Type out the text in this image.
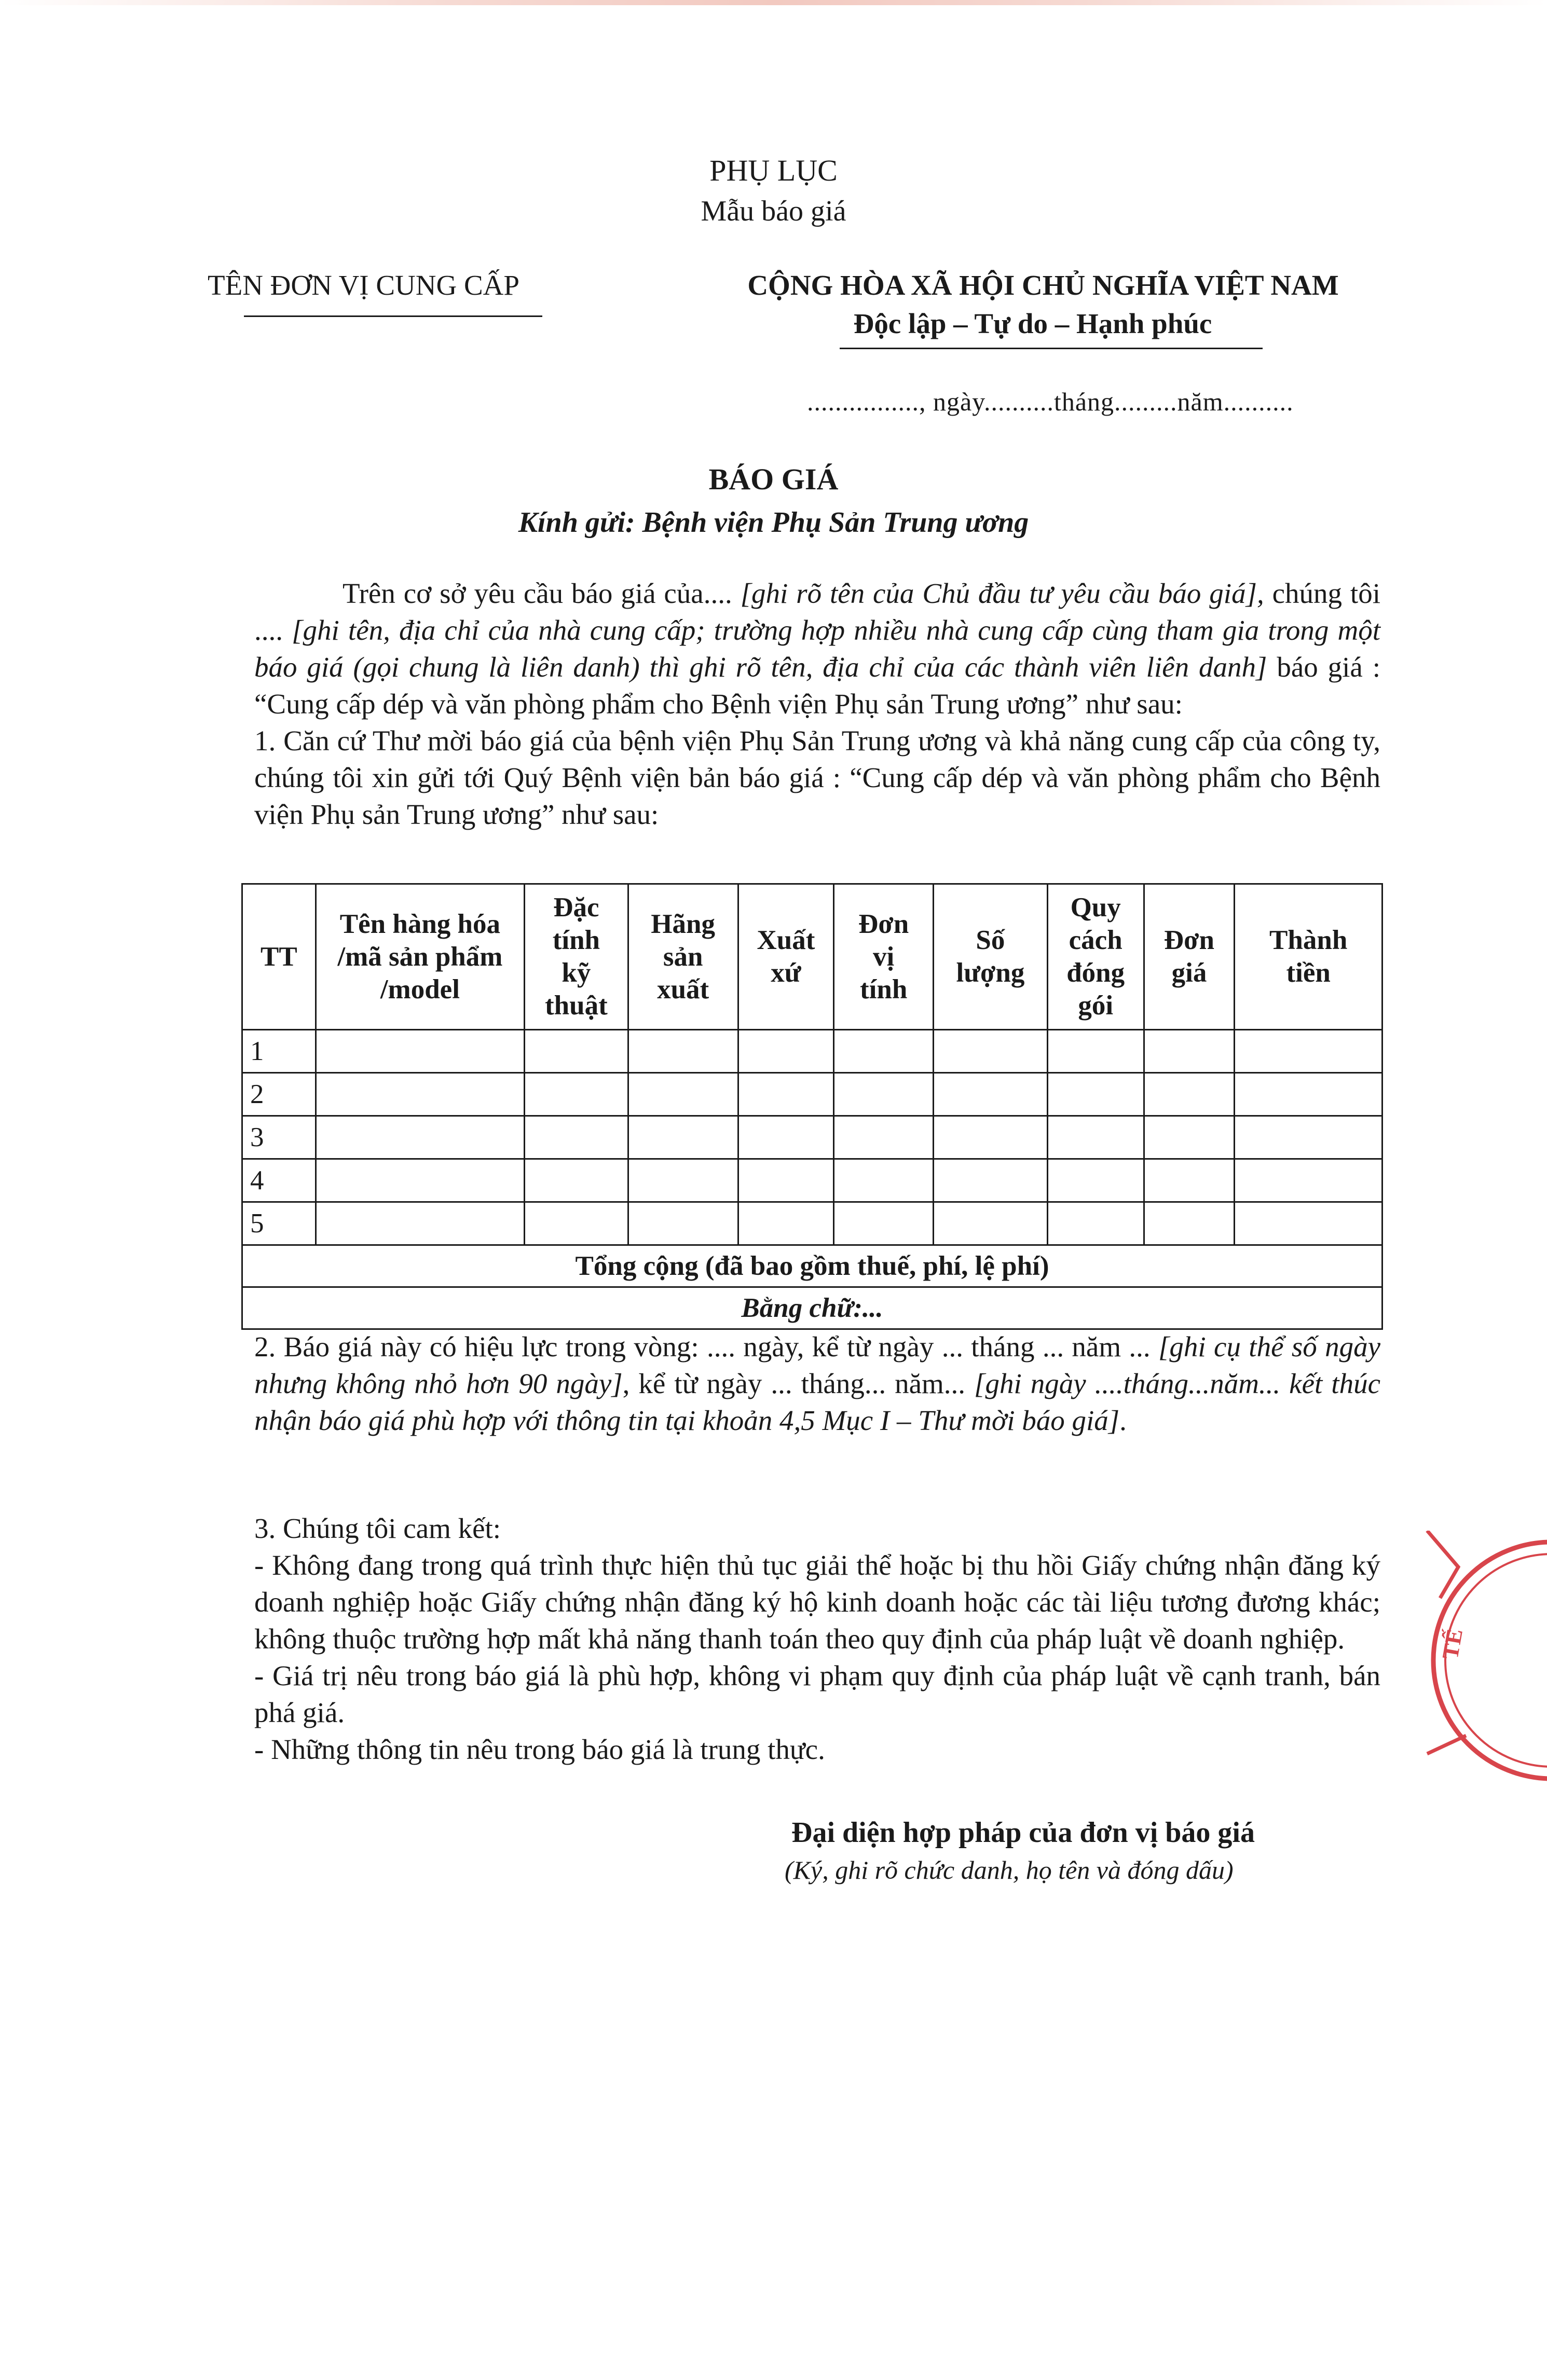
PHỤ LỤC
Mẫu báo giá
TÊN ĐƠN VỊ CUNG CẤP	CỘNG HÒA XÃ HỘI CHỦ NGHĨA VIỆT NAM
Độc lập – Tự do – Hạnh phúc
................, ngày..........tháng.........năm..........
BÁO GIÁ
Kính gửi: Bệnh viện Phụ Sản Trung ương
Trên cơ sở yêu cầu báo giá của.... [ghi rõ tên của Chủ đầu tư yêu cầu báo giá], chúng tôi .... [ghi tên, địa chỉ của nhà cung cấp; trường hợp nhiều nhà cung cấp cùng tham gia trong một báo giá (gọi chung là liên danh) thì ghi rõ tên, địa chỉ của các thành viên liên danh] báo giá : “Cung cấp dép và văn phòng phẩm cho Bệnh viện Phụ sản Trung ương” như sau:
1. Căn cứ Thư mời báo giá của bệnh viện Phụ Sản Trung ương và khả năng cung cấp của công ty, chúng tôi xin gửi tới Quý Bệnh viện bản báo giá : “Cung cấp dép và văn phòng phẩm cho Bệnh viện Phụ sản Trung ương” như sau:
TT	Tên hàng hóa
/mã sản phẩm
/model	Đặc
tính
kỹ
thuật	Hãng
sản
xuất	Xuất
xứ	Đơn
vị
tính	Số
lượng	Quy
cách
đóng
gói	Đơn
giá	Thành
tiền
1									
2									
3									
4									
5									
Tổng cộng (đã bao gồm thuế, phí, lệ phí)									
Bằng chữ:...									
2. Báo giá này có hiệu lực trong vòng: .... ngày, kể từ ngày ... tháng ... năm ... [ghi cụ thể số ngày nhưng không nhỏ hơn 90 ngày], kể từ ngày ... tháng... năm... [ghi ngày ....tháng...năm... kết thúc nhận báo giá phù hợp với thông tin tại khoản 4,5 Mục I – Thư mời báo giá].
3. Chúng tôi cam kết:
- Không đang trong quá trình thực hiện thủ tục giải thể hoặc bị thu hồi Giấy chứng nhận đăng ký doanh nghiệp hoặc Giấy chứng nhận đăng ký hộ kinh doanh hoặc các tài liệu tương đương khác; không thuộc trường hợp mất khả năng thanh toán theo quy định của pháp luật về doanh nghiệp.
- Giá trị nêu trong báo giá là phù hợp, không vi phạm quy định của pháp luật về cạnh tranh, bán phá giá.
- Những thông tin nêu trong báo giá là trung thực.
Đại diện hợp pháp của đơn vị báo giá
(Ký, ghi rõ chức danh, họ tên và đóng dấu)
TẾ
